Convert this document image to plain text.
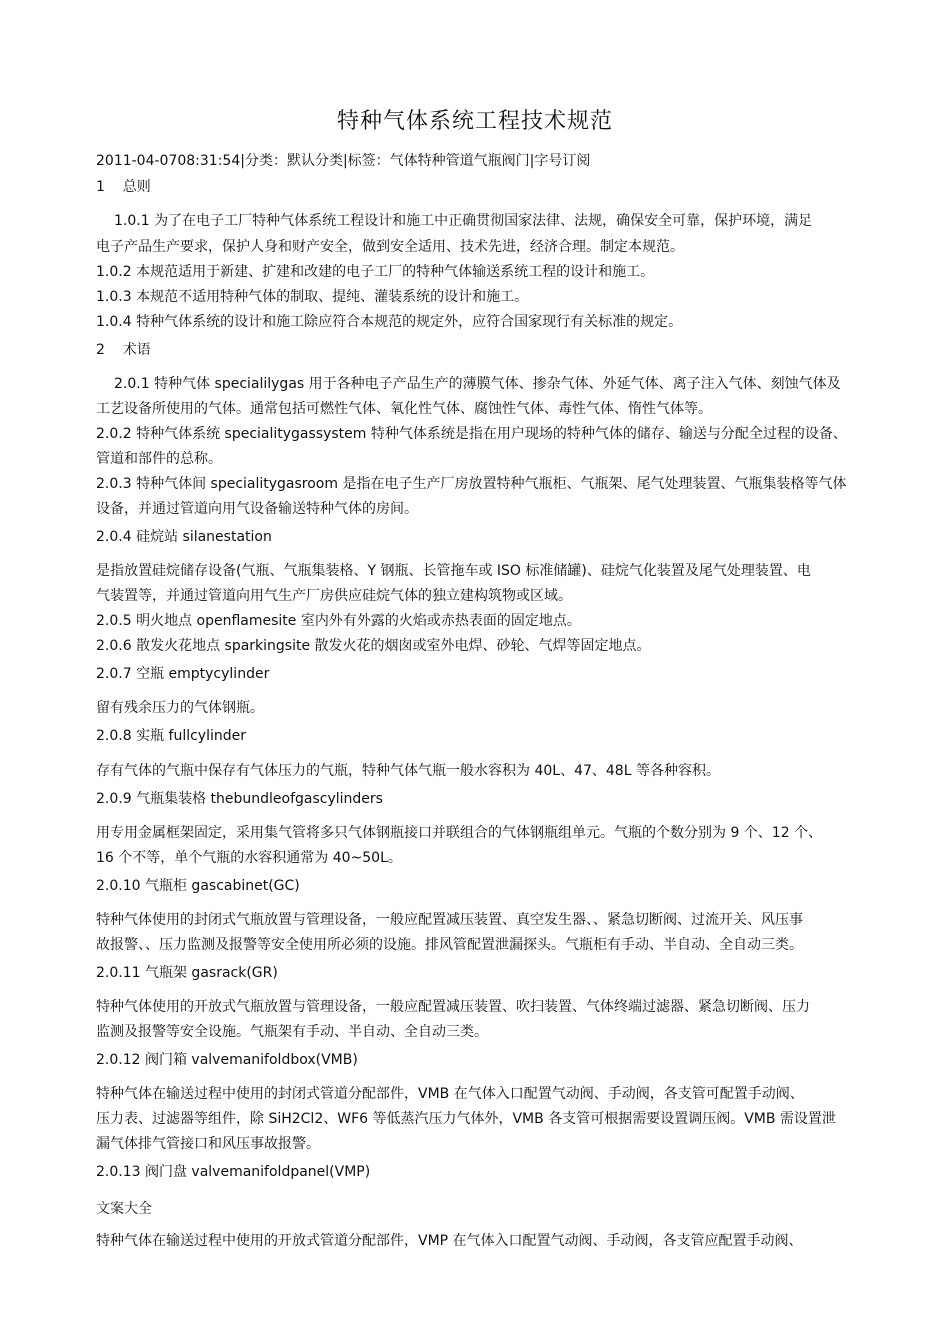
特种气体系统工程技术规范
2011-04-0708:31:54|分类：默认分类|标签：气体特种管道气瓶阀门|字号订阅
1    总则
1.0.1 为了在电子工厂特种气体系统工程设计和施工中正确贯彻国家法律、法规，确保安全可靠，保护环境，满足
电子产品生产要求，保护人身和财产安全，做到安全适用、技术先进，经济合理。制定本规范。
1.0.2 本规范适用于新建、扩建和改建的电子工厂的特种气体输送系统工程的设计和施工。
1.0.3 本规范不适用特种气体的制取、提纯、灌装系统的设计和施工。
1.0.4 特种气体系统的设计和施工除应符合本规范的规定外，应符合国家现行有关标准的规定。
2    术语
2.0.1 特种气体 specialilygas 用于各种电子产品生产的薄膜气体、掺杂气体、外延气体、离子注入气体、刻蚀气体及
工艺设备所使用的气体。通常包括可燃性气体、氧化性气体、腐蚀性气体、毒性气体、惰性气体等。
2.0.2 特种气体系统 specialitygassystem 特种气体系统是指在用户现场的特种气体的储存、输送与分配全过程的设备、
管道和部件的总称。
2.0.3 特种气体间 specialitygasroom 是指在电子生产厂房放置特种气瓶柜、气瓶架、尾气处理装置、气瓶集装格等气体
设备，并通过管道向用气设备输送特种气体的房间。
2.0.4 硅烷站 silanestation
是指放置硅烷储存设备(气瓶、气瓶集装格、Y 钢瓶、长管拖车或 ISO 标准储罐)、硅烷气化装置及尾气处理装置、电
气装置等，并通过管道向用气生产厂房供应硅烷气体的独立建构筑物或区域。
2.0.5 明火地点 openflamesite 室内外有外露的火焰或赤热表面的固定地点。
2.0.6 散发火花地点 sparkingsite 散发火花的烟囱或室外电焊、砂轮、气焊等固定地点。
2.0.7 空瓶 emptycylinder
留有残余压力的气体钢瓶。
2.0.8 实瓶 fullcylinder
存有气体的气瓶中保存有气体压力的气瓶，特种气体气瓶一般水容积为 40L、47、48L 等各种容积。
2.0.9 气瓶集装格 thebundleofgascylinders
用专用金属框架固定，采用集气管将多只气体钢瓶接口并联组合的气体钢瓶组单元。气瓶的个数分别为 9 个、12 个、
16 个不等，单个气瓶的水容积通常为 40~50L。
2.0.10 气瓶柜 gascabinet(GC)
特种气体使用的封闭式气瓶放置与管理设备，一般应配置减压装置、真空发生器、、紧急切断阀、过流开关、风压事
故报警、、压力监测及报警等安全使用所必须的设施。排风管配置泄漏探头。气瓶柜有手动、半自动、全自动三类。
2.0.11 气瓶架 gasrack(GR)
特种气体使用的开放式气瓶放置与管理设备，一般应配置减压装置、吹扫装置、气体终端过滤器、紧急切断阀、压力
监测及报警等安全设施。气瓶架有手动、半自动、全自动三类。
2.0.12 阀门箱 valvemanifoldbox(VMB)
特种气体在输送过程中使用的封闭式管道分配部件，VMB 在气体入口配置气动阀、手动阀，各支管可配置手动阀、
压力表、过滤器等组件，除 SiH2Cl2、WF6 等低蒸汽压力气体外，VMB 各支管可根据需要设置调压阀。VMB 需设置泄
漏气体排气管接口和风压事故报警。
2.0.13 阀门盘 valvemanifoldpanel(VMP)
特种气体在输送过程中使用的开放式管道分配部件，VMP 在气体入口配置气动阀、手动阀，各支管应配置手动阀、
文案大全
